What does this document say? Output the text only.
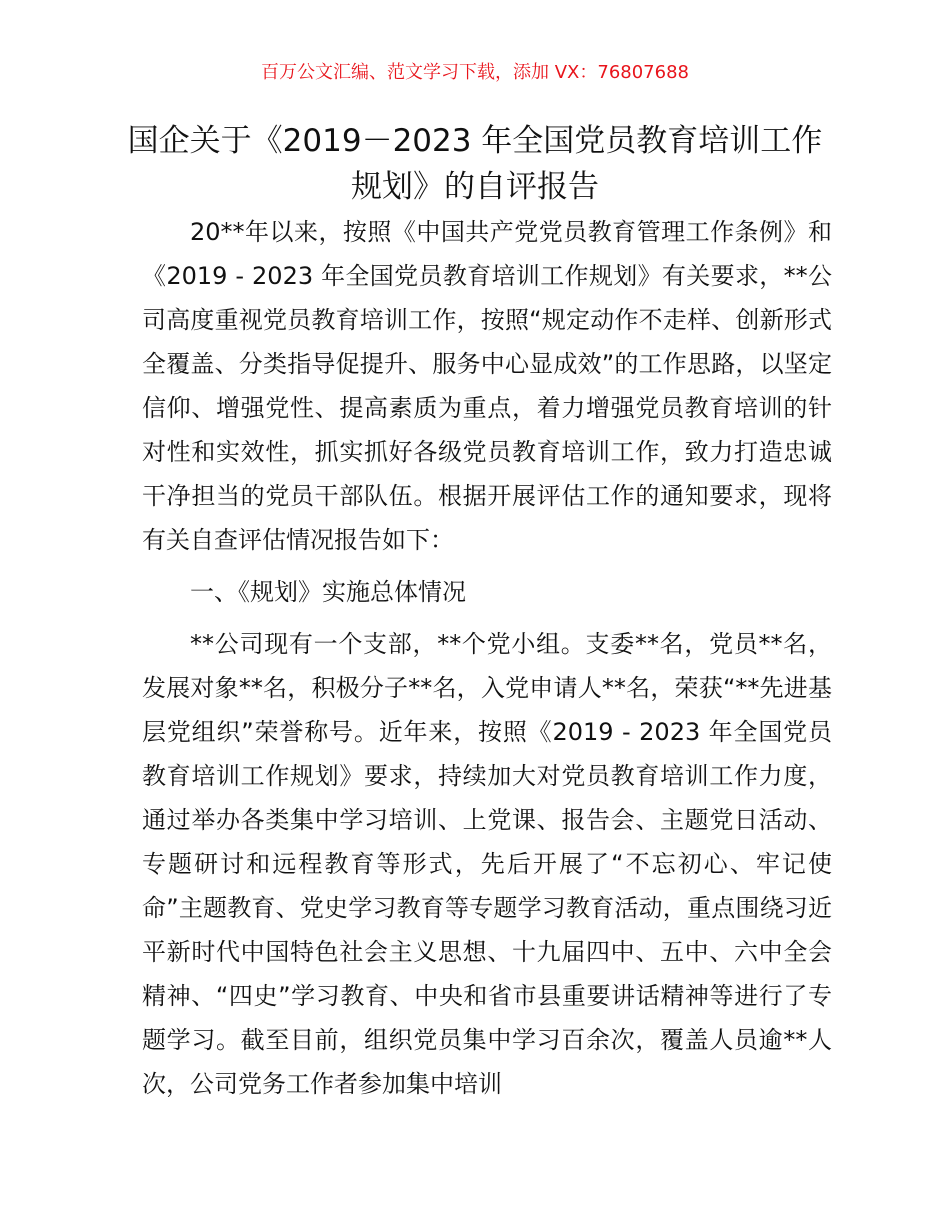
百万公文汇编、范文学习下载，添加 VX：76807688
国企关于《2019－2023 年全国党员教育培训工作规划》的自评报告

20**年以来，按照《中国共产党党员教育管理工作条例》和《2019 - 2023 年全国党员教育培训工作规划》有关要求，**公司高度重视党员教育培训工作，按照“规定动作不走样、创新形式全覆盖、分类指导促提升、服务中心显成效”的工作思路，以坚定信仰、增强党性、提高素质为重点，着力增强党员教育培训的针对性和实效性，抓实抓好各级党员教育培训工作，致力打造忠诚干净担当的党员干部队伍。根据开展评估工作的通知要求，现将有关自查评估情况报告如下：

一、《规划》实施总体情况

**公司现有一个支部，**个党小组。支委**名，党员**名，发展对象**名，积极分子**名，入党申请人**名，荣获“**先进基层党组织”荣誉称号。近年来，按照《2019 - 2023 年全国党员教育培训工作规划》要求，持续加大对党员教育培训工作力度，通过举办各类集中学习培训、上党课、报告会、主题党日活动、专题研讨和远程教育等形式，先后开展了“不忘初心、牢记使命”主题教育、党史学习教育等专题学习教育活动，重点围绕习近平新时代中国特色社会主义思想、十九届四中、五中、六中全会精神、“四史”学习教育、中央和省市县重要讲话精神等进行了专题学习。截至目前，组织党员集中学习百余次，覆盖人员逾**人次，公司党务工作者参加集中培训
